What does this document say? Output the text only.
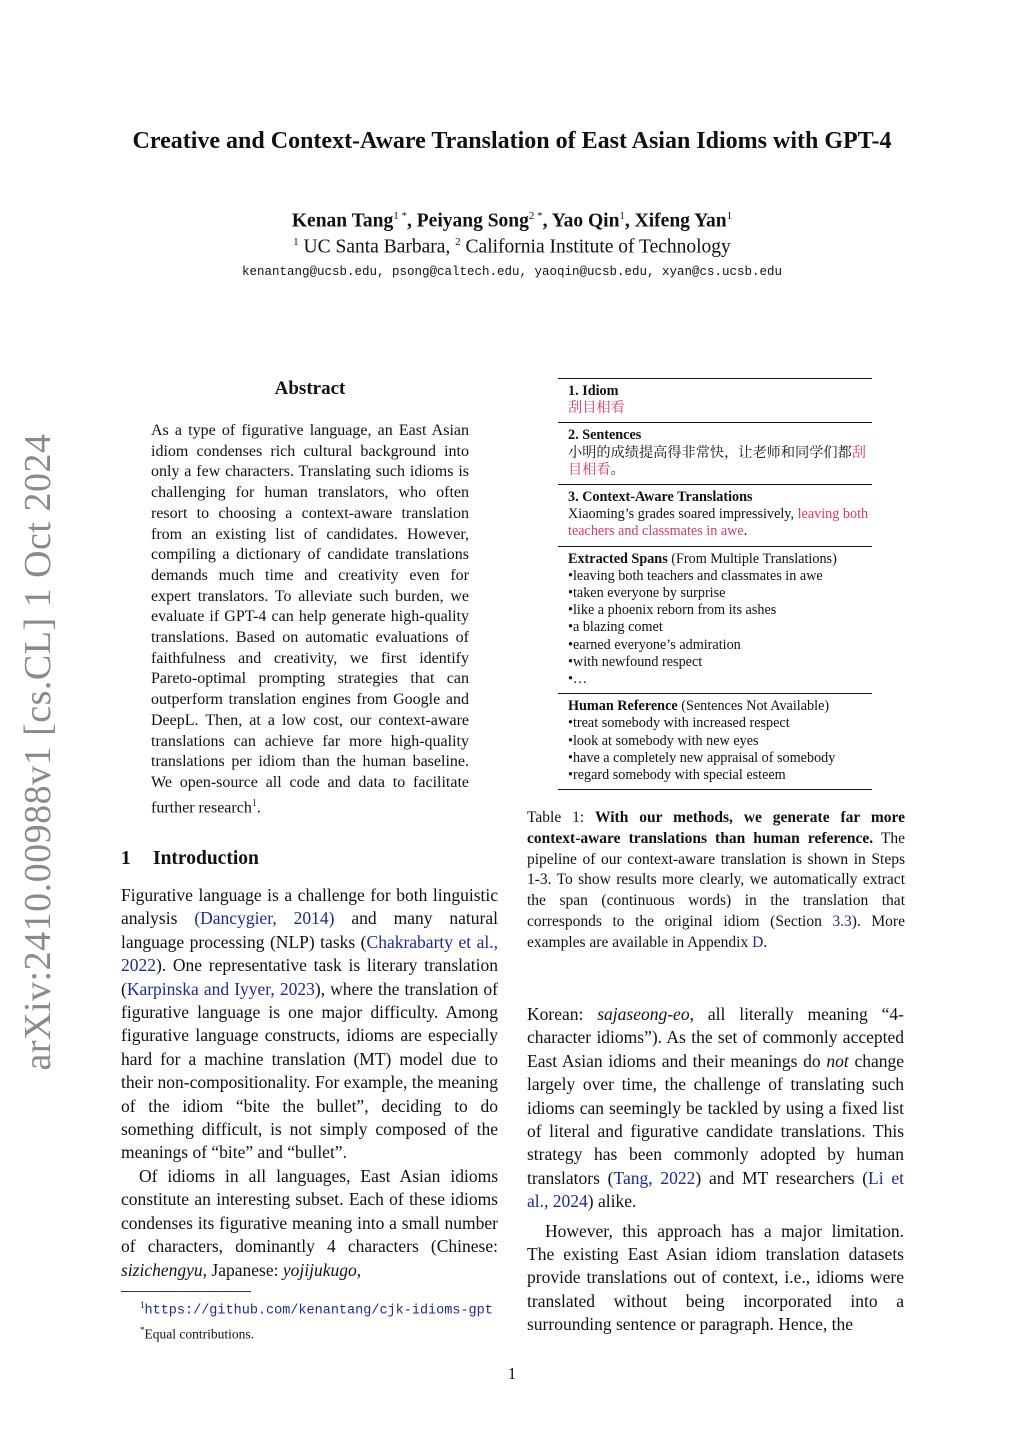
arXiv:2410.00988v1 [cs.CL] 1 Oct 2024
Creative and Context-Aware Translation of East Asian Idioms with GPT-4
Kenan Tang$^{1 *}$, Peiyang Song$^{2 *}$, Yao Qin$^1$, Xifeng Yan$^1$
$^1$ UC Santa Barbara, $^2$ California Institute of Technology
kenantang@ucsb.edu, psong@caltech.edu, yaoqin@ucsb.edu, xyan@cs.ucsb.edu
Abstract
As a type of figurative language, an East Asian idiom condenses rich cultural background into only a few characters. Translating such idioms is challenging for human translators, who often resort to choosing a context-aware translation from an existing list of candidates. However, compiling a dictionary of candidate translations demands much time and creativity even for expert translators. To alleviate such burden, we evaluate if GPT-4 can help generate high-quality translations. Based on automatic evaluations of faithfulness and creativity, we first identify Pareto-optimal prompting strategies that can outperform translation engines from Google and DeepL. Then, at a low cost, our context-aware translations can achieve far more high-quality translations per idiom than the human baseline. We open-source all code and data to facilitate further research$^1$.
1 Introduction

Figurative language is a challenge for both linguistic analysis (Dancygier, 2014) and many natural language processing (NLP) tasks (Chakrabarty et al., 2022). One representative task is literary translation (Karpinska and Iyyer, 2023), where the translation of figurative language is one major difficulty. Among figurative language constructs, idioms are especially hard for a machine translation (MT) model due to their non-compositionality. For example, the meaning of the idiom “bite the bullet”, deciding to do something difficult, is not simply composed of the meanings of “bite” and “bullet”.

Of idioms in all languages, East Asian idioms constitute an interesting subset. Each of these idioms condenses its figurative meaning into a small number of characters, dominantly 4 characters (Chinese: sizichengyu, Japanese: yojijukugo,

$^1$https://github.com/kenantang/cjk-idioms-gpt
*Equal contributions.
1. Idiom
刮目相看
2. Sentences
小明的成绩提高得非常快，让老师和同学们都刮目相看。
3. Context-Aware Translations
Xiaoming’s grades soared impressively, leaving both teachers and classmates in awe.
Extracted Spans (From Multiple Translations)
• leaving both teachers and classmates in awe
• taken everyone by surprise
• like a phoenix reborn from its ashes
• a blazing comet
• earned everyone’s admiration
• with newfound respect
• …
Human Reference (Sentences Not Available)
• treat somebody with increased respect
• look at somebody with new eyes
• have a completely new appraisal of somebody
• regard somebody with special esteem
Table 1: With our methods, we generate far more context-aware translations than human reference. The pipeline of our context-aware translation is shown in Steps 1-3. To show results more clearly, we automatically extract the span (continuous words) in the translation that corresponds to the original idiom (Section 3.3). More examples are available in Appendix D.

Korean: sajaseong-eo, all literally meaning “4-character idioms”). As the set of commonly accepted East Asian idioms and their meanings do not change largely over time, the challenge of translating such idioms can seemingly be tackled by using a fixed list of literal and figurative candidate translations. This strategy has been commonly adopted by human translators (Tang, 2022) and MT researchers (Li et al., 2024) alike.

However, this approach has a major limitation. The existing East Asian idiom translation datasets provide translations out of context, i.e., idioms were translated without being incorporated into a surrounding sentence or paragraph. Hence, the

1
